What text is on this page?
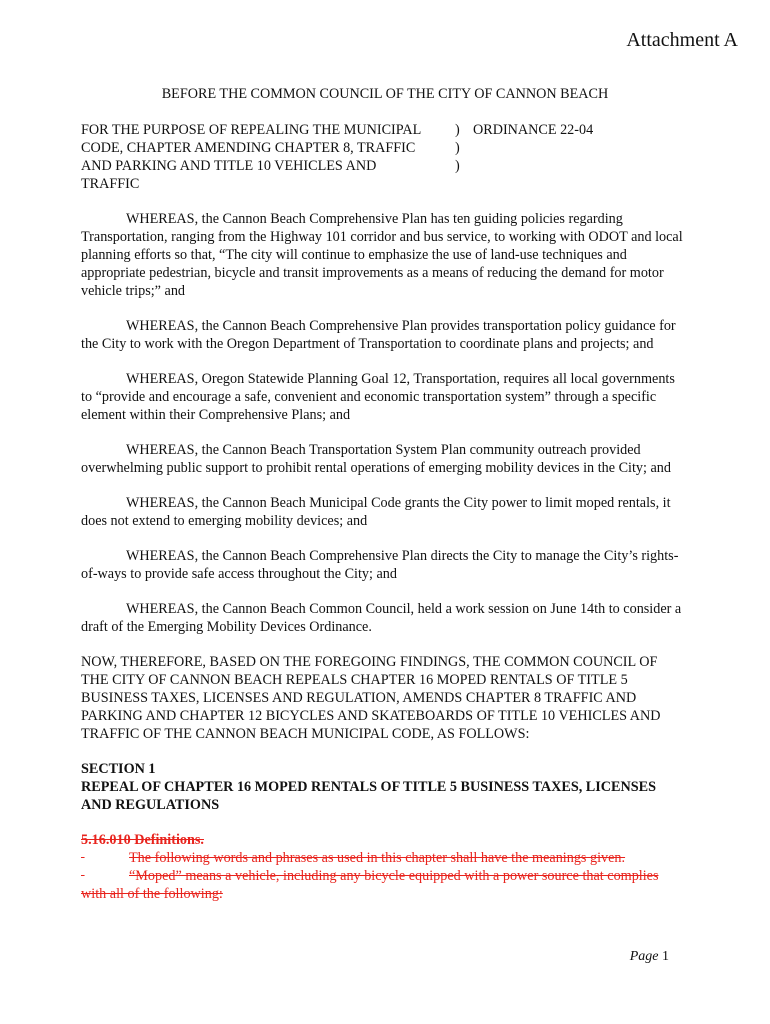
Attachment A
BEFORE THE COMMON COUNCIL OF THE CITY OF CANNON BEACH
FOR THE PURPOSE OF REPEALING THE MUNICIPAL
CODE, CHAPTER AMENDING CHAPTER 8, TRAFFIC
AND PARKING AND TITLE 10 VEHICLES AND
TRAFFIC
)
)
)
ORDINANCE 22-04

WHEREAS, the Cannon Beach Comprehensive Plan has ten guiding policies regarding Transportation, ranging from the Highway 101 corridor and bus service, to working with ODOT and local planning efforts so that, “The city will continue to emphasize the use of land-use techniques and appropriate pedestrian, bicycle and transit improvements as a means of reducing the demand for motor vehicle trips;” and

WHEREAS, the Cannon Beach Comprehensive Plan provides transportation policy guidance for the City to work with the Oregon Department of Transportation to coordinate plans and projects; and

WHEREAS, Oregon Statewide Planning Goal 12, Transportation, requires all local governments to “provide and encourage a safe, convenient and economic transportation system” through a specific element within their Comprehensive Plans; and

WHEREAS, the Cannon Beach Transportation System Plan community outreach provided overwhelming public support to prohibit rental operations of emerging mobility devices in the City; and

WHEREAS, the Cannon Beach Municipal Code grants the City power to limit moped rentals, it does not extend to emerging mobility devices; and

WHEREAS, the Cannon Beach Comprehensive Plan directs the City to manage the City’s rights-of-ways to provide safe access throughout the City; and

WHEREAS, the Cannon Beach Common Council, held a work session on June 14th to consider a draft of the Emerging Mobility Devices Ordinance.

NOW, THEREFORE, BASED ON THE FOREGOING FINDINGS, THE COMMON COUNCIL OF THE CITY OF CANNON BEACH REPEALS CHAPTER 16 MOPED RENTALS OF TITLE 5 BUSINESS TAXES, LICENSES AND REGULATION, AMENDS CHAPTER 8 TRAFFIC AND PARKING AND CHAPTER 12 BICYCLES AND SKATEBOARDS OF TITLE 10 VEHICLES AND TRAFFIC OF THE CANNON BEACH MUNICIPAL CODE, AS FOLLOWS:

SECTION 1
REPEAL OF CHAPTER 16 MOPED RENTALS OF TITLE 5 BUSINESS TAXES, LICENSES AND REGULATIONS
5.16.010 Definitions.
The following words and phrases as used in this chapter shall have the meanings given.
“Moped” means a vehicle, including any bicycle equipped with a power source that complies with all of the following:
Page 1
